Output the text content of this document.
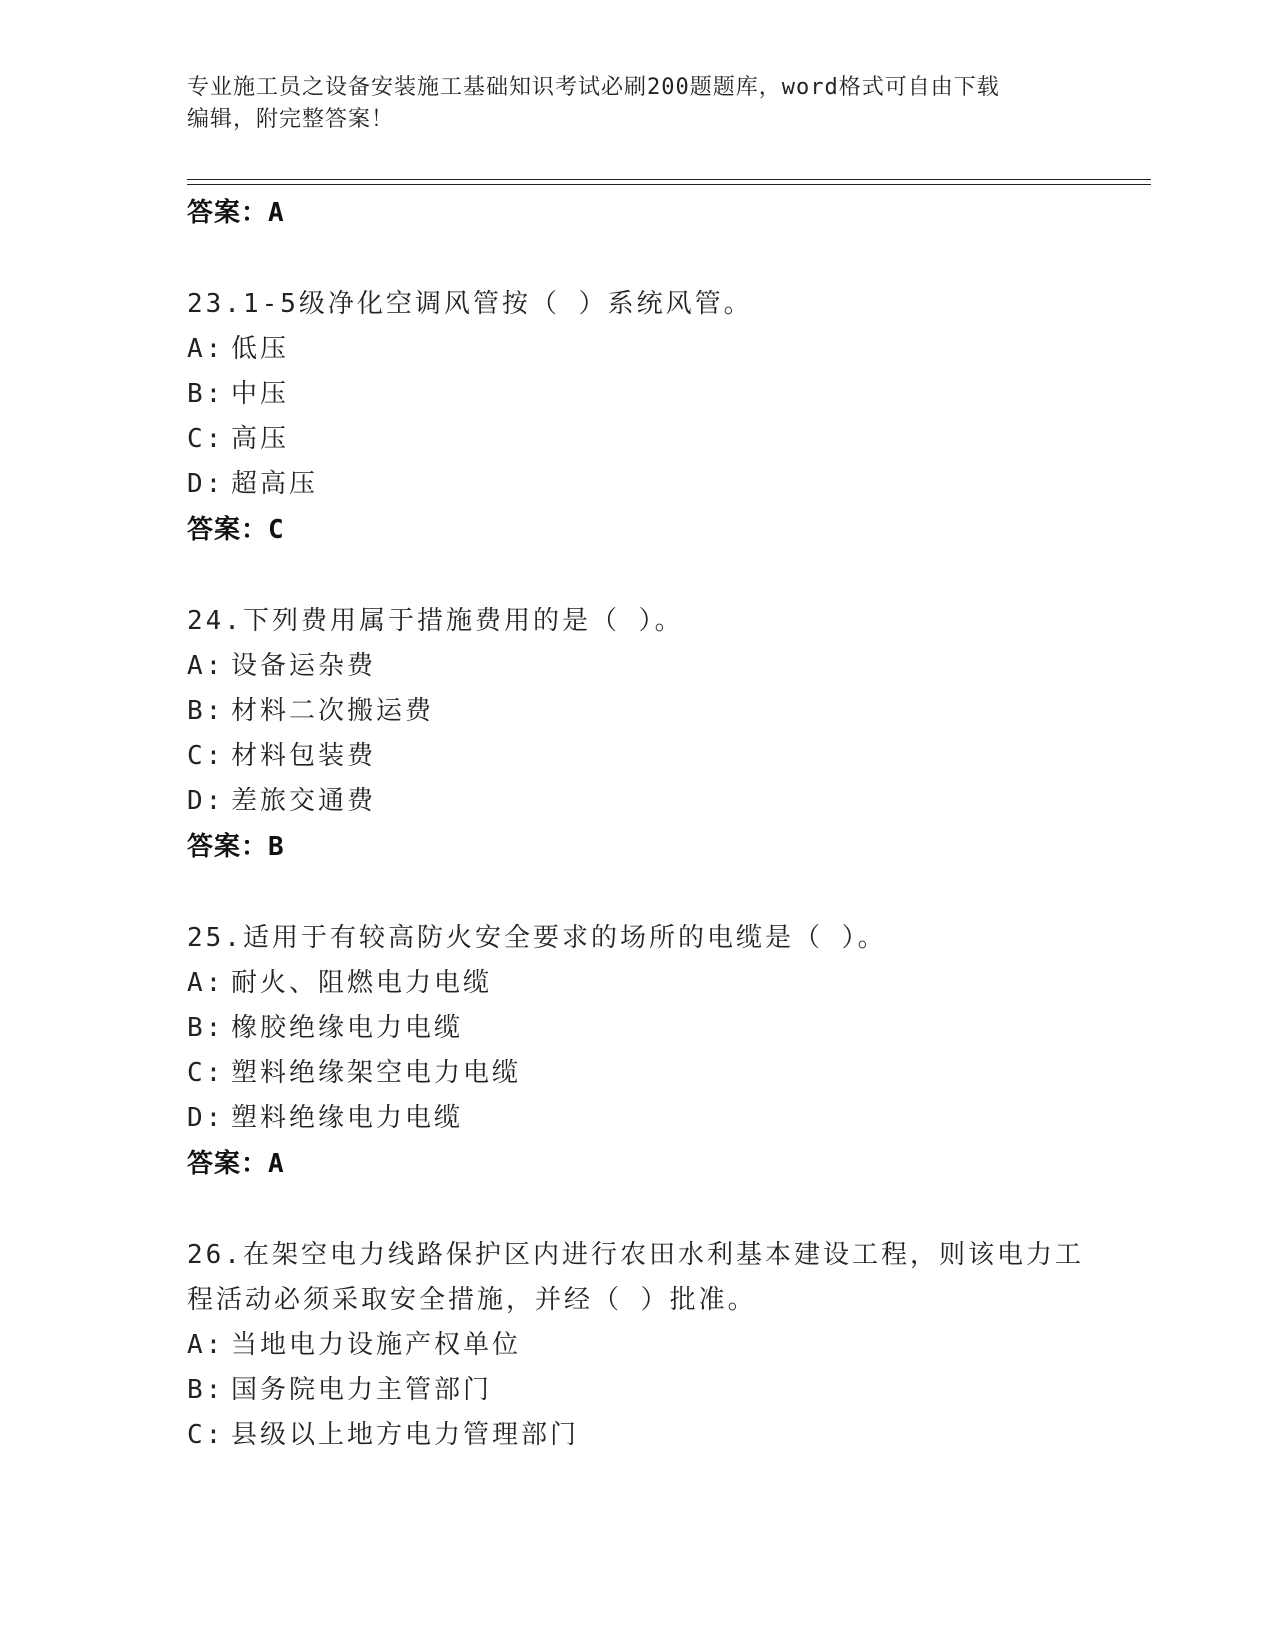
专业施工员之设备安装施工基础知识考试必刷200题题库，word格式可自由下载
编辑，附完整答案！
答案：A
23.1-5级净化空调风管按（ ）系统风管。
A: 低压
B: 中压
C: 高压
D: 超高压
答案：C
24.下列费用属于措施费用的是（ ）。
A: 设备运杂费
B: 材料二次搬运费
C: 材料包装费
D: 差旅交通费
答案：B
25.适用于有较高防火安全要求的场所的电缆是（ ）。
A: 耐火、阻燃电力电缆
B: 橡胶绝缘电力电缆
C: 塑料绝缘架空电力电缆
D: 塑料绝缘电力电缆
答案：A
26.在架空电力线路保护区内进行农田水利基本建设工程，则该电力工
程活动必须采取安全措施，并经（ ）批准。
A: 当地电力设施产权单位
B: 国务院电力主管部门
C: 县级以上地方电力管理部门
